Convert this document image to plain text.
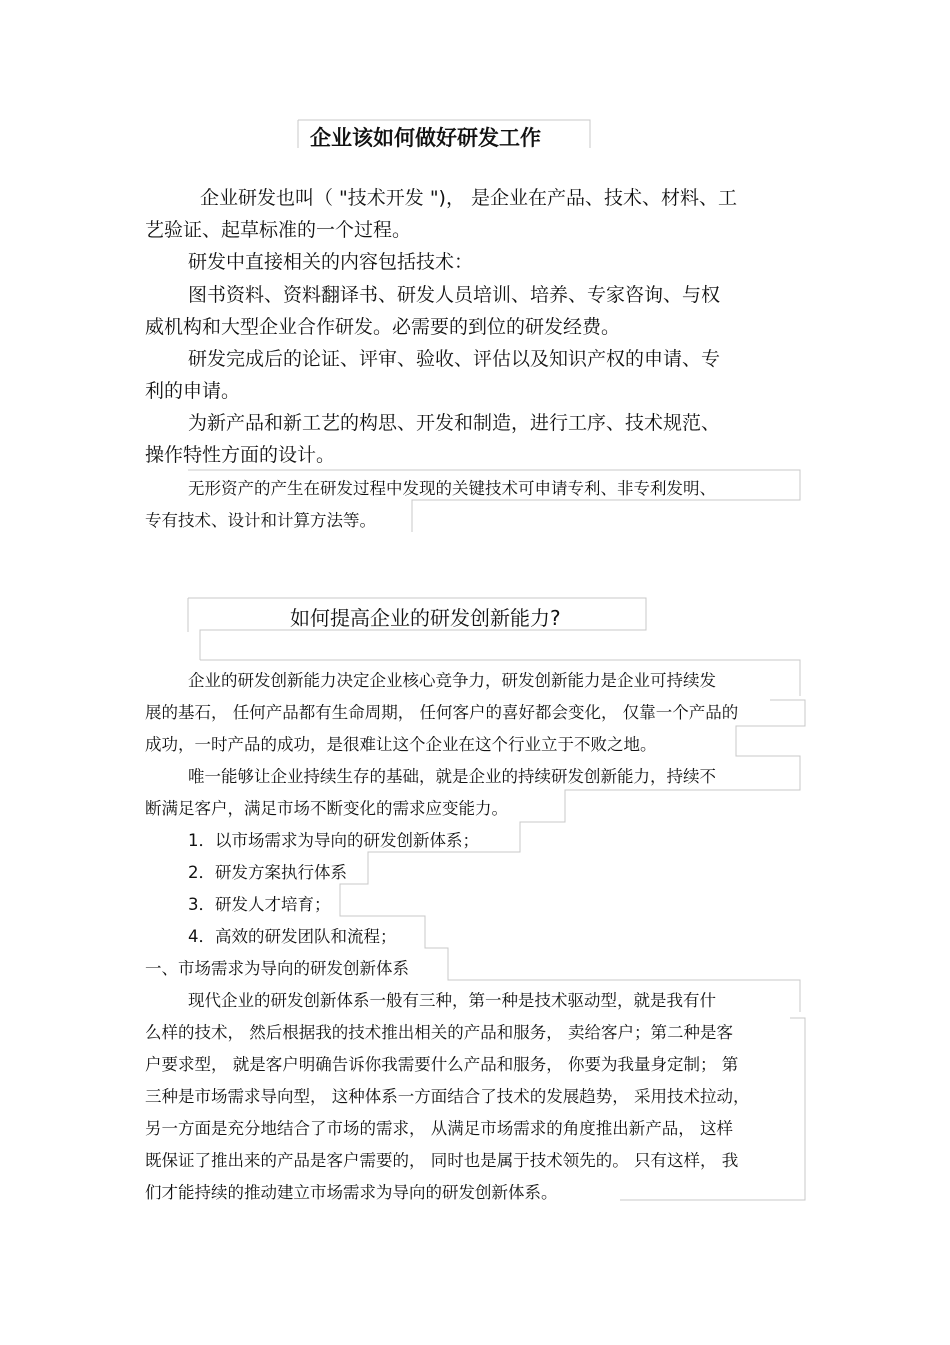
企业该如何做好研发工作

企业研发也叫（ "技术开发 ")， 是企业在产品、技术、材料、工

艺验证、起草标准的一个过程。

研发中直接相关的内容包括技术：

图书资料、资料翻译书、研发人员培训、培养、专家咨询、与权

威机构和大型企业合作研发。必需要的到位的研发经费。

研发完成后的论证、评审、验收、评估以及知识产权的申请、专

利的申请。

为新产品和新工艺的构思、开发和制造，进行工序、技术规范、

操作特性方面的设计。

无形资产的产生在研发过程中发现的关键技术可申请专利、非专利发明、

专有技术、设计和计算方法等。

如何提高企业的研发创新能力?

企业的研发创新能力决定企业核心竞争力，研发创新能力是企业可持续发

展的基石， 任何产品都有生命周期， 任何客户的喜好都会变化， 仅靠一个产品的

成功，一时产品的成功，是很难让这个企业在这个行业立于不败之地。

唯一能够让企业持续生存的基础，就是企业的持续研发创新能力，持续不

断满足客户，满足市场不断变化的需求应变能力。

1．以市场需求为导向的研发创新体系；

2．研发方案执行体系

3．研发人才培育；

4．高效的研发团队和流程；

一、市场需求为导向的研发创新体系

现代企业的研发创新体系一般有三种，第一种是技术驱动型，就是我有什

么样的技术， 然后根据我的技术推出相关的产品和服务， 卖给客户；第二种是客

户要求型， 就是客户明确告诉你我需要什么产品和服务， 你要为我量身定制； 第

三种是市场需求导向型， 这种体系一方面结合了技术的发展趋势， 采用技术拉动，

另一方面是充分地结合了市场的需求， 从满足市场需求的角度推出新产品， 这样

既保证了推出来的产品是客户需要的， 同时也是属于技术领先的。 只有这样， 我

们才能持续的推动建立市场需求为导向的研发创新体系。
